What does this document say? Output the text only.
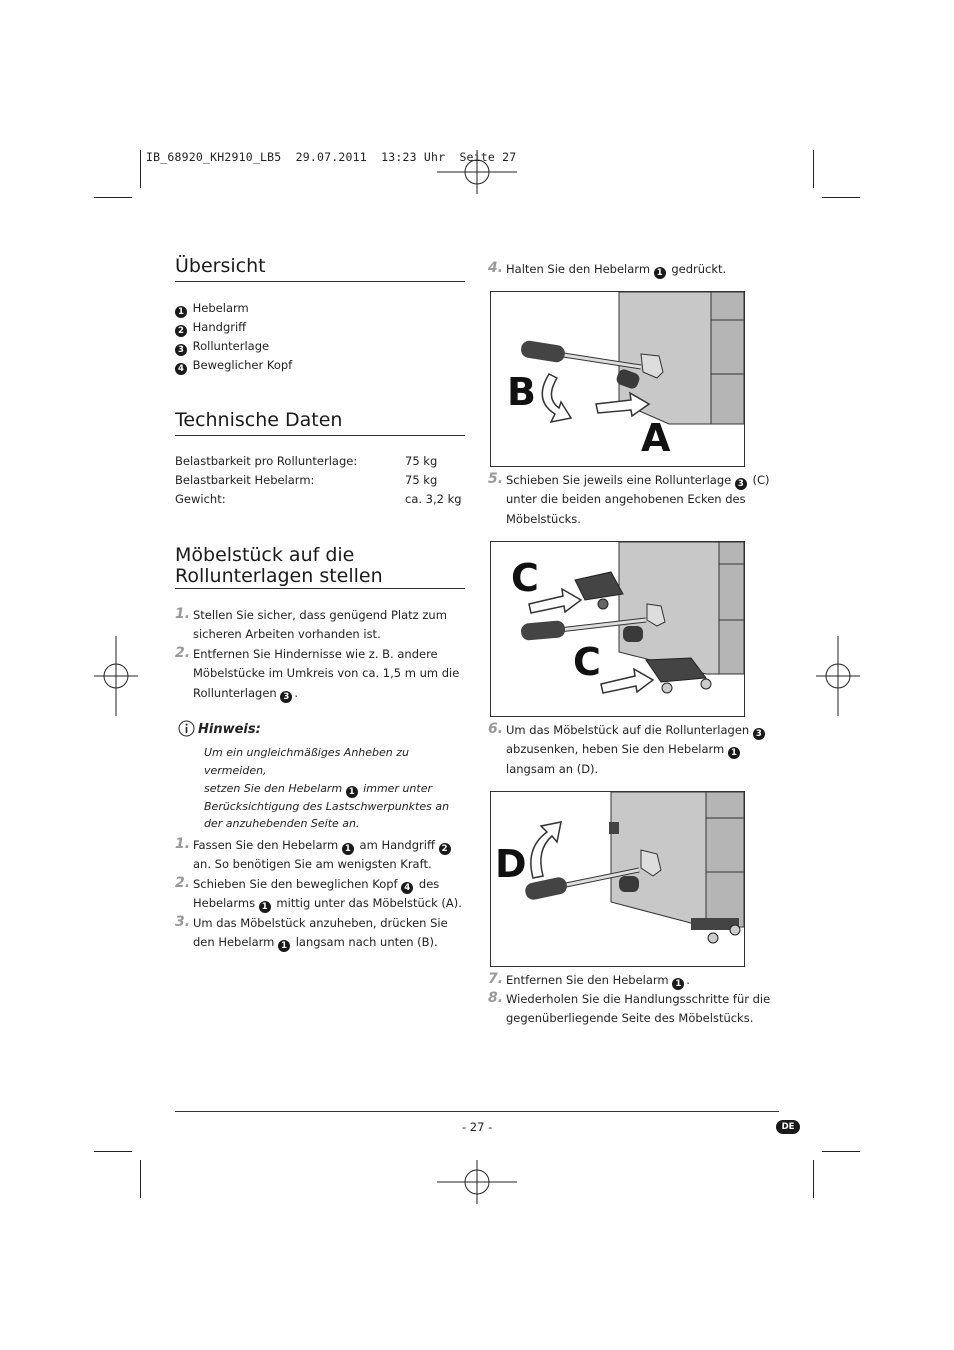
IB_68920_KH2910_LB5  29.07.2011  13:23 Uhr  Seite 27
Übersicht
1 Hebelarm
2 Handgriff
3 Rollunterlage
4 Beweglicher Kopf
Technische Daten
Belastbarkeit pro Rollunterlage:	75 kg
Belastbarkeit Hebelarm:	75 kg
Gewicht:	ca. 3,2 kg
Möbelstück auf die
Rollunterlagen stellen
1. Stellen Sie sicher, dass genügend Platz zum
sicheren Arbeiten vorhanden ist.
2. Entfernen Sie Hindernisse wie z. B. andere
Möbelstücke im Umkreis von ca. 1,5 m um die
Rollunterlagen 3 .
Hinweis:
Um ein ungleichmäßiges Anheben zu vermeiden,
setzen Sie den Hebelarm 1 immer unter
Berücksichtigung des Lastschwerpunktes an
der anzuhebenden Seite an.
1. Fassen Sie den Hebelarm 1 am Handgriff 2
an. So benötigen Sie am wenigsten Kraft.
2. Schieben Sie den beweglichen Kopf 4 des
Hebelarms 1 mittig unter das Möbelstück (A).
3. Um das Möbelstück anzuheben, drücken Sie
den Hebelarm 1 langsam nach unten (B).
4. Halten Sie den Hebelarm 1 gedrückt.
B
A
5. Schieben Sie jeweils eine Rollunterlage 3 (C)
unter die beiden angehobenen Ecken des
Möbelstücks.
C
C
6. Um das Möbelstück auf die Rollunterlagen 3
abzusenken, heben Sie den Hebelarm 1
langsam an (D).
D
7. Entfernen Sie den Hebelarm 1 .
8. Wiederholen Sie die Handlungsschritte für die
gegenüberliegende Seite des Möbelstücks.
- 27 -	DE
